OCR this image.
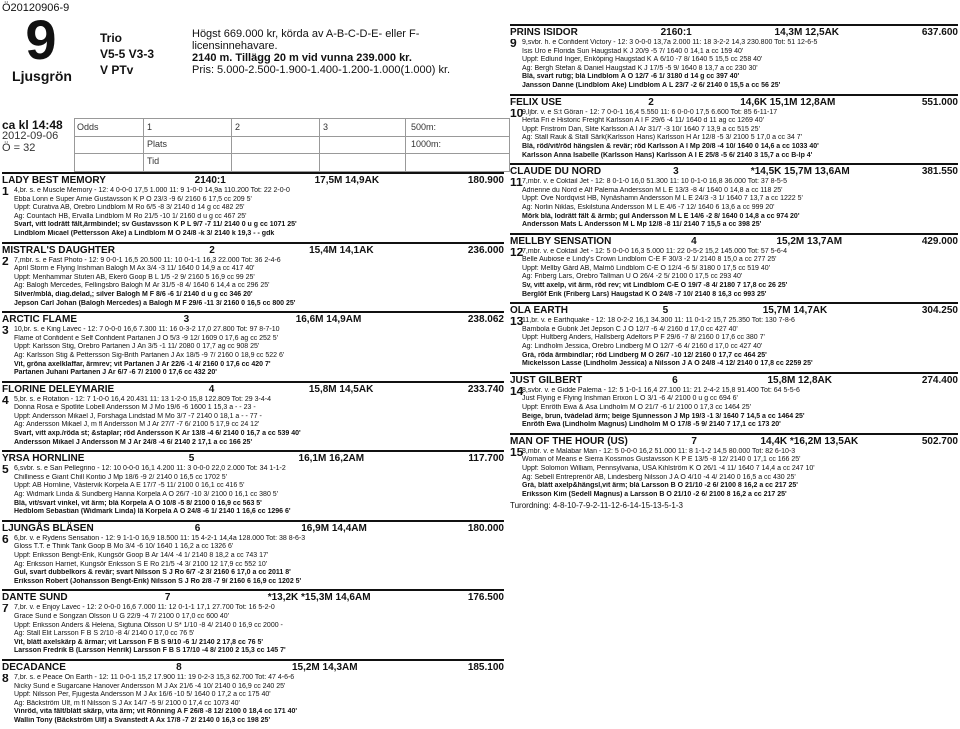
Ö20120906-9
9
Ljusgrön
Trio
V5-5 V3-3
V PTv
Högst 669.000 kr, körda av A-B-C-D-E- eller F- licensinnehavare.
2140 m. Tillägg 20 m vid vunna 239.000 kr.
Pris: 5.000-2.500-1.900-1.400-1.200-1.000(1.000) kr.
ca kl 14:48
2012-09-06
Ö = 32
Odds	1	2	3	500m:
Plats	1000m:
Tid
LADY BEST MEMORY	2140:1	17,5M 14,9AK	180.900
1 4,br. s. e Muscle Memory - 12: 4 0-0-0 17,5 1.000 11: 9 1-0-0 14,9a 110.200 Tot: 22 2-0-0
Ebba Lonn e Super Arnie Gustavsson K P Ö 23/3 -9 6/ 2160 6 17,5 cc 209 5'
Uppf: Curativa AB, Örebro Lindblom M Ro 6/5 -8 3/ 2140 d 14 g cc 482 25'
Äg: Countach HB, Ervalla Lindblom M Ro 21/5 -10 1/ 2160 d u g cc 467 25'
Svart, vitt lodrätt fält,ärmbindel; sv Gustavsson K P L 9/7 -7 11/ 2140 0 u g cc 1071 25'
Lindblom Micael (Pettersson Åke) a Lindblom M Ö 24/8 -k 3/ 2140 k 19,3 - - gdk
MISTRAL'S DAUGHTER	2	15,4M 14,1AK	236.000
2 7,mbr. s. e Fast Photo - 12: 9 0-0-1 16,5 20.500 11: 10 0-1-1 16,3 22.000 Tot: 36 2-4-6
April Storm e Flying Irishman Balogh M Ax 3/4 -3 11/ 1640 0 14,9 a cc 417 40'
Uppf: Menhammar Stuteri AB, Ekerö Goop B L 1/5 -2 9/ 2160 5 16,9 cc 99 25'
Äg: Balogh Mercedes, Fellingsbro Balogh M År 31/5 -8 4/ 1640 6 14,4 a cc 296 25'
Silver/mblå, diag.delad,; silver Balogh M F 8/6 -6 1/ 2140 d u g cc 346 20'
Jepson Carl Johan (Balogh Mercedes) a Balogh M F 29/6 -11 3/ 2160 0 16,5 cc 800 25'
ARCTIC FLAME	3	16,6M 14,9AM	238.062
3 10,br. s. e King Lavec - 12: 7 0-0-0 16,6 7.300 11: 16 0-3-2 17,0 27.800 Tot: 97 8-7-10
Flame of Confident e Self Confident Partanen J Ö 5/3 -9 12/ 1609 0 17,6 ag cc 252 5'
Uppf: Karlsson Stig, Örebro Partanen J Ån 3/5 -1 11/ 2080 0 17,7 ag cc 908 25'
Äg: Karlsson Stig & Pettersson Sig-Brith Partanen J Ax 18/5 -9 7/ 2160 0 18,9 cc 522 6'
Vit, gröna axelklaffar, ärmrev; vit Partanen J Ar 22/6 -1 4/ 2160 0 17,6 cc 420 7'
Partanen Juhani Partanen J Ar 6/7 -6 7/ 2100 0 17,6 cc 432 20'
FLORINE DELEYMARIE	4	15,8M 14,5AK	233.740
4 5,br. s. e Rotation - 12: 7 1-0-0 16,4 20.431 11: 13 1-2-0 15,8 122.809 Tot: 29 3-4-4
Donna Rosa e Spotlite Lobell Andersson M J Mo 19/6 -6 1600 1 15,3 a - - 23 -
Uppf: Andersson Mikael J, Forshaga Lindstad M Mo 3/7 -7 2140 0 18,1 a - - 77 -
Äg: Andersson Mikael J, m fl Andersson M J Ar 27/7 -7 6/ 2100 5 17,9 cc 24 12'
Svart, vitt axp./röda st; &staplar; röd Andersson K Ar 13/8 -4 6/ 2140 0 16,7 a cc 539 40'
Andersson Mikael J Andersson M J Ar 24/8 -4 6/ 2140 2 17,1 a cc 166 25'
YRSA HORNLINE	5	16,1M 16,2AM	117.700
5 6,svbr. s. e San Pellegrino - 12: 10 0-0-0 16,1 4.200 11: 3 0-0-0 22,0 2.000 Tot: 34 1-1-2
Chilliness e Giant Chill Kontio J Mp 18/6 -9 2/ 2140 0 16,5 cc 1702 5'
Uppf: AB Hornline, Västervik Korpela A E 17/7 -5 11/ 2100 0 16,1 cc 416 5'
Äg: Widmark Linda & Sundberg Hanna Korpela A Ö 26/7 -10 3/ 2100 0 16,1 cc 380 5'
Blå, vit/svart vinkel, vit ärm; blå Korpela A Ö 10/8 -5 8/ 2100 0 16,9 cc 563 5'
Hedblom Sebastian (Widmark Linda) lä Korpela A Ö 24/8 -6 1/ 2140 1 16,6 cc 1296 6'
LJUNGÅS BLÄSEN	6	16,9M 14,4AM	180.000
6 6,br. v. e Rydens Sensation - 12: 9 1-1-0 16,9 18.500 11: 15 4-2-1 14,4a 128.000 Tot: 38 8-6-3
Gloss T.T. e Think Tank Goop B Mo 3/4 -6 10/ 1640 1 16,2 a cc 1326 6'
Uppf: Eriksson Bengt-Erik, Kungsör Goop B Ar 14/4 -4 1/ 2140 8 18,2 a cc 743 17'
Äg: Eriksson Harriet, Kungsör Eriksson S E Ro 21/5 -4 3/ 2100 12 17,9 cc 552 10'
Gul, svart dubbelkors & revär; svart Nilsson S J Ro 6/7 -2 3/ 2160 6 17,0 a cc 2011 8'
Eriksson Robert (Johansson Bengt-Erik) Nilsson S J Ro 2/8 -7 9/ 2160 6 16,9 cc 1202 5'
DANTE SUND	7	*13,2K *15,3M 14,6AM	176.500
7 7,br. v. e Enjoy Lavec - 12: 2 0-0-0 16,6 7.000 11: 12 0-1-1 17,1 27.700 Tot: 16 5-2-0
Grace Sund e Songzan Olsson U G 22/9 -4 7/ 2100 0 17,0 cc 600 40'
Uppf: Eriksson Anders & Helena, Sigtuna Olsson U S* 1/10 -8 4/ 2140 0 16,9 cc 2000 -
Äg: Stall Elit Larsson F B S 2/10 -8 4/ 2140 0 17,0 cc 76 5'
Vit, blått axelskärp & ärmar; vit Larsson F B S 9/10 -6 1/ 2140 2 17,8 cc 76 5'
Larsson Fredrik B (Larsson Henrik) Larsson F B S 17/10 -4 8/ 2100 2 15,3 cc 145 7'
DECADANCE	8	15,2M 14,3AM	185.100
8 7,br. s. e Peace On Earth - 12: 11 0-0-1 15,2 17.900 11: 19 0-2-3 15,3 62.700 Tot: 47 4-6-6
Nicky Sund e Sugarcane Hanover Andersson M J Ax 21/6 -4 10/ 2140 0 16,9 cc 240 25'
Uppf: Nilsson Per, Fjugesta Andersson M J Ax 16/6 -10 5/ 1640 0 17,2 a cc 175 40'
Äg: Bäckström Ulf, m fl Nilsson S J Ax 14/7 -5 9/ 2100 0 17,4 cc 1073 40'
Vinröd, vita fält/blått skärp, vita ärm; vit Rönning A F 26/8 -8 12/ 2100 0 18,4 cc 171 40'
Wallin Tony (Bäckström Ulf) a Svanstedt A Ax 17/8 -7 2/ 2140 0 16,3 cc 198 25'
PRINS ISIDOR	2160:1	14,3M 12,5AK	637.600
9 9,svbr. h. e Confident Victory - 12: 3 0-0-0 13,7a 2.000 11: 18 3-2-2 14,3 230.800 Tot: 51 12-6-5
Isis Uro e Florida Sun Haugstad K J 20/9 -5 7/ 1640 0 14,1 a cc 159 40'
Uppf: Edlund Inger, Enköping Haugstad K Å 6/10 -7 8/ 1640 5 15,5 cc 258 40'
Äg: Bergh Stefan & Daniel Haugstad K J 17/5 -5 9/ 1640 8 13,7 a cc 230 30'
Blå, svart rutig; blå Lindblom Å Ö 12/7 -6 1/ 3180 d 14 g cc 397 40'
Jansson Danne (Lindblom Åke) Lindblom Å L 23/7 -2 6/ 2140 0 15,5 a cc 56 25'
FELIX USE	2	14,6K 15,1M 12,8AM	551.000
10
9,ljbr. v. e S:t Göran - 12: 7 0-0-1 16,4 5.550 11: 6 0-0-0 17,5 6.600 Tot: 85 6-11-17
Herta Fri e Historic Freight Karlsson A I F 29/6 -4 11/ 1640 d 11 ag cc 1269 40'
Uppf: Fristrom Dan, Slite Karlsson A I Ar 31/7 -3 10/ 1640 7 13,9 a cc 515 25'
Äg: Stall Rauk & Stall Särk(Karlsson Hans) Karlsson H Ar 12/8 -5 3/ 2100 5 17,0 a cc 34 7'
Blå, röd/vit/röd hängslen & revär; röd Karlsson A I Mp 20/8 -4 10/ 1640 0 14,6 a cc 1033 40'
Karlsson Anna Isabelle (Karlsson Hans) Karlsson A I E 25/8 -5 6/ 2140 3 15,7 a cc B-lp 4'
CLAUDE DU NORD	3	*14,5K 15,7M 13,6AM	381.550
11 7,mbr. v. e Coktail Jet - 12: 8 0-1-0 16,0 51.300 11: 10 0-1-0 16,8 36.000 Tot: 37 8-5-5
Adrienne du Nord e Alf Palema Andersson M L E 13/3 -8 4/ 1640 0 14,8 a cc 118 25'
Uppf: Ove Nordqvist HB, Nynäshamn Andersson M L E 24/3 -3 1/ 1640 7 13,7 a cc 1222 5'
Äg: Norlin Niklas, Eskilstuna Andersson M L E 4/6 -7 12/ 1640 6 13,6 a cc 999 20'
Mörk blå, lodrätt fält & ärmb; gul Andersson M L E 14/6 -2 8/ 1640 0 14,8 a cc 974 20'
Andersson Mats L Andersson M L Mp 12/8 -8 11/ 2140 7 15,5 a cc 398 25'
MELLBY SENSATION	4	15,2M 13,7AM	429.000
12
7,mbr. v. e Coktail Jet - 12: 5 0-0-0 16,3 5.000 11: 22 0-5-2 15,2 145.000 Tot: 57 5-6-4
Belle Aubiose e Lindy's Crown Lindblom C-E F 30/3 -2 1/ 2140 8 15,0 a cc 277 25'
Uppf: Mellby Gård AB, Malmö Lindblom C-E Ö 12/4 -6 5/ 3180 0 17,5 cc 519 40'
Äg: Friberg Lars, Örebro Tallman U Ö 26/4 -2 5/ 2100 0 17,5 cc 293 40'
Sv, vitt axelp, vit ärm, röd rev; vit Lindblom C-E Ö 19/7 -8 4/ 2180 7 17,8 cc 26 25'
Berglöf Erik (Friberg Lars) Haugstad K Ö 24/8 -7 10/ 2140 8 16,3 cc 993 25'
OLA EARTH	5	15,7M 14,7AK	304.250
13
11,br. v. e Earthquake - 12: 18 0-2-2 16,1 34.300 11: 11 0-1-2 15,7 25.350 Tot: 130 7-8-6
Bambola e Gubrik Jet Jepson C J Ö 12/7 -6 4/ 2160 d 17,0 cc 427 40'
Uppf: Hultberg Anders, Hallsberg Ädeltors P F 29/6 -7 8/ 2160 0 17,6 cc 380 7'
Äg: Lindholm Jessica, Örebro Lindberg M Ö 12/7 -6 4/ 2160 d 17,0 cc 427 40'
Grå, röda ärmbindlar; röd Lindberg M Ö 26/7 -10 12/ 2160 0 17,7 cc 464 25'
Mickelsson Lasse (Lindholm Jessica) a Nilsson J A Ö 24/8 -4 12/ 2140 0 17,8 cc 2259 25'
JUST GILBERT	6	15,8M 12,8AK	274.400
14
8,svbr. v. e Gidde Palema - 12: 5 1-0-1 16,4 27.100 11: 21 2-4-2 15,8 91.400 Tot: 64 5-5-6
Just Flying e Flying Irishman Erixon L Ö 3/1 -6 4/ 2100 0 u g cc 694 6'
Uppf: Enröth Ewa & Åsa Lindholm M Ö 21/7 -6 1/ 2100 0 17,3 cc 1464 25'
Beige, brun, tvådelad ärm; beige Sjunnesson J Mp 19/3 -1 3/ 1640 7 14,5 a cc 1464 25'
Enröth Ewa (Lindholm Magnus) Lindholm M Ö 17/8 -5 9/ 2140 7 17,1 cc 173 20'
MAN OF THE HOUR (US)	7	14,4K *16,2M 13,5AK	502.700
15
8,mbr. v. e Malabar Man - 12: 5 0-0-0 16,2 51.000 11: 8 1-1-2 14,5 80.000 Tot: 82 6-10-3
Woman of Means e Sierra Kossmos Gustavsson K P E 13/5 -8 12/ 2140 0 17,1 cc 166 25'
Uppf: Solomon William, Pennsylvania, USA Kihlström K Ö 26/1 -4 11/ 1640 7 14,4 a cc 247 10'
Äg: Sebell Entreprenör AB, Lindesberg Nilsson J A Ö 4/10 -4 4/ 2140 0 16,5 a cc 430 25'
Grå, blått axelp&hängsl,vit ärm; blå Larsson B Ö 21/10 -2 6/ 2100 8 16,2 a cc 217 25'
Eriksson Kim (Sedell Magnus) a Larsson B Ö 21/10 -2 6/ 2100 8 16,2 a cc 217 25'
Turordning: 4-8-10-7-9-2-11-12-6-14-15-13-5-1-3
